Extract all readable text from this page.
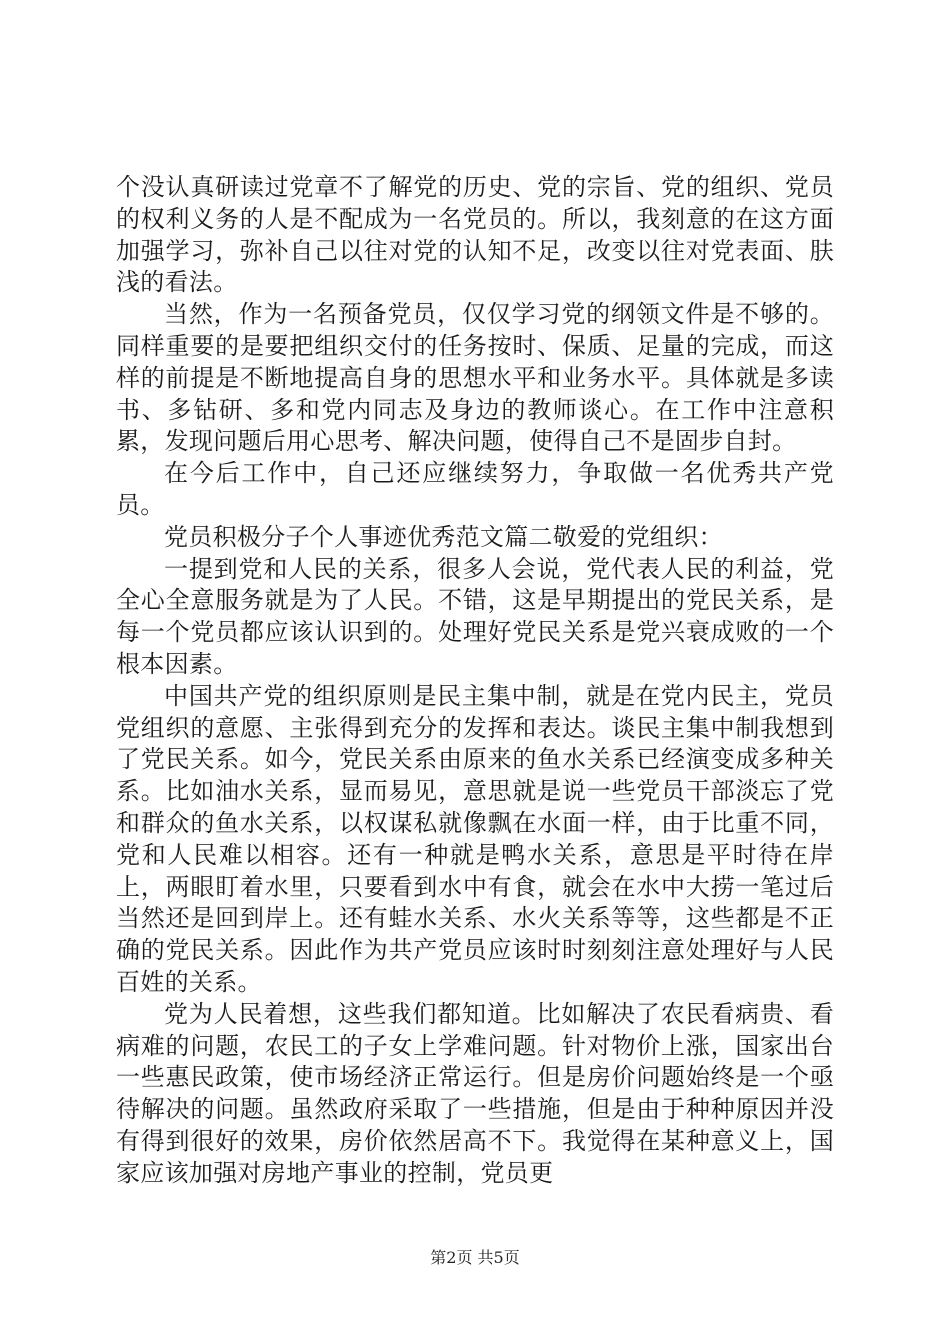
个没认真研读过党章不了解党的历史、党的宗旨、党的组织、党员的权利义务的人是不配成为一名党员的。所以，我刻意的在这方面加强学习，弥补自己以往对党的认知不足，改变以往对党表面、肤浅的看法。

当然，作为一名预备党员，仅仅学习党的纲领文件是不够的。同样重要的是要把组织交付的任务按时、保质、足量的完成，而这样的前提是不断地提高自身的思想水平和业务水平。具体就是多读书、多钻研、多和党内同志及身边的教师谈心。在工作中注意积累，发现问题后用心思考、解决问题，使得自己不是固步自封。

在今后工作中，自己还应继续努力，争取做一名优秀共产党员。

党员积极分子个人事迹优秀范文篇二敬爱的党组织：

一提到党和人民的关系，很多人会说，党代表人民的利益，党全心全意服务就是为了人民。不错，这是早期提出的党民关系，是每一个党员都应该认识到的。处理好党民关系是党兴衰成败的一个根本因素。

中国共产党的组织原则是民主集中制，就是在党内民主，党员党组织的意愿、主张得到充分的发挥和表达。谈民主集中制我想到了党民关系。如今，党民关系由原来的鱼水关系已经演变成多种关系。比如油水关系，显而易见，意思就是说一些党员干部淡忘了党和群众的鱼水关系，以权谋私就像飘在水面一样，由于比重不同，党和人民难以相容。还有一种就是鸭水关系，意思是平时待在岸上，两眼盯着水里，只要看到水中有食，就会在水中大捞一笔过后当然还是回到岸上。还有蛙水关系、水火关系等等，这些都是不正确的党民关系。因此作为共产党员应该时时刻刻注意处理好与人民百姓的关系。

党为人民着想，这些我们都知道。比如解决了农民看病贵、看病难的问题，农民工的子女上学难问题。针对物价上涨，国家出台一些惠民政策，使市场经济正常运行。但是房价问题始终是一个亟待解决的问题。虽然政府采取了一些措施，但是由于种种原因并没有得到很好的效果，房价依然居高不下。我觉得在某种意义上，国家应该加强对房地产事业的控制，党员更

第2页 共5页
